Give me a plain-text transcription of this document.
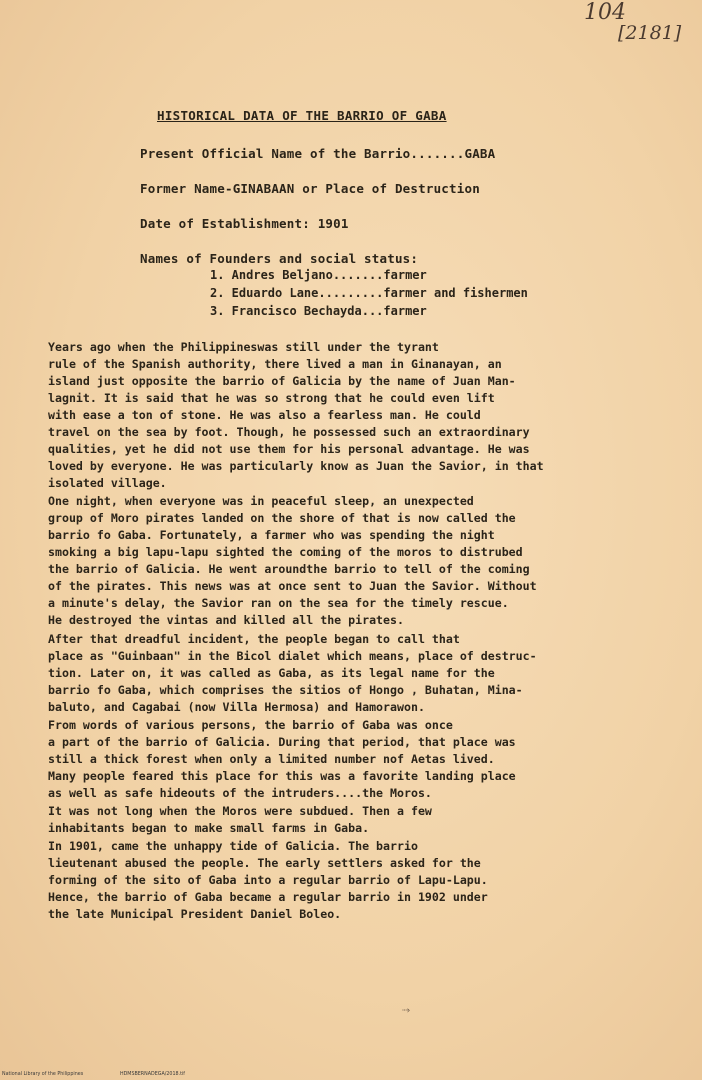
104
[2181]
HISTORICAL DATA OF THE BARRIO OF GABA
Present Official Name of the Barrio.......GABA
Former Name-GINABAAN or Place of Destruction
Date of Establishment: 1901
Names of Founders and social status:
1. Andres Beljano.......farmer
2. Eduardo Lane.........farmer and fishermen
3. Francisco Bechayda...farmer
Years ago when the Philippineswas still under the tyrant
rule of the Spanish authority, there lived a man in Ginanayan, an
island just opposite the barrio of Galicia by the name of Juan Man-
lagnit. It is said that he was so strong that he could even lift
with ease a ton of stone. He was also a fearless man. He could
travel on the sea by foot. Though, he possessed such an extraordinary
qualities, yet he did not use them for his personal advantage. He was
loved by everyone. He was particularly know as Juan the Savior, in that
isolated village.
One night, when everyone was in peaceful sleep, an unexpected
group of Moro pirates landed on the shore of that is now called the
barrio fo Gaba. Fortunately, a farmer who was spending the night
smoking a big lapu-lapu sighted the coming of the moros to distrubed
the barrio of Galicia. He went aroundthe barrio to tell of the coming
of the pirates. This news was at once sent to Juan the Savior. Without
a minute's delay, the Savior ran on the sea for the timely rescue.
He destroyed the vintas and killed all the pirates.
After that dreadful incident, the people began to call that
place as "Guinbaan" in the Bicol dialet which means, place of destruc-
tion. Later on, it was called as Gaba, as its legal name for the
barrio fo Gaba, which comprises the sitios of Hongo , Buhatan, Mina-
baluto, and Cagabai (now Villa Hermosa) and Hamorawon.
From words of various persons, the barrio of Gaba was once
a part of the barrio of Galicia. During that period, that place was
still a thick forest when only a limited number nof Aetas lived.
Many people feared this place for this was a favorite landing place
as well as safe hideouts of the intruders....the Moros.
It was not long when the Moros were subdued. Then a few
inhabitants began to make small farms in Gaba.
In 1901, came the unhappy tide of Galicia. The barrio
lieutenant abused the people. The early settlers asked for the
forming of the sito of Gaba into a regular barrio of Lapu-Lapu.
Hence, the barrio of Gaba became a regular barrio in 1902 under
the late Municipal President Daniel Boleo.
⤑
National Library of the Philippines	HDMSBERNADEGA/2018.tif
